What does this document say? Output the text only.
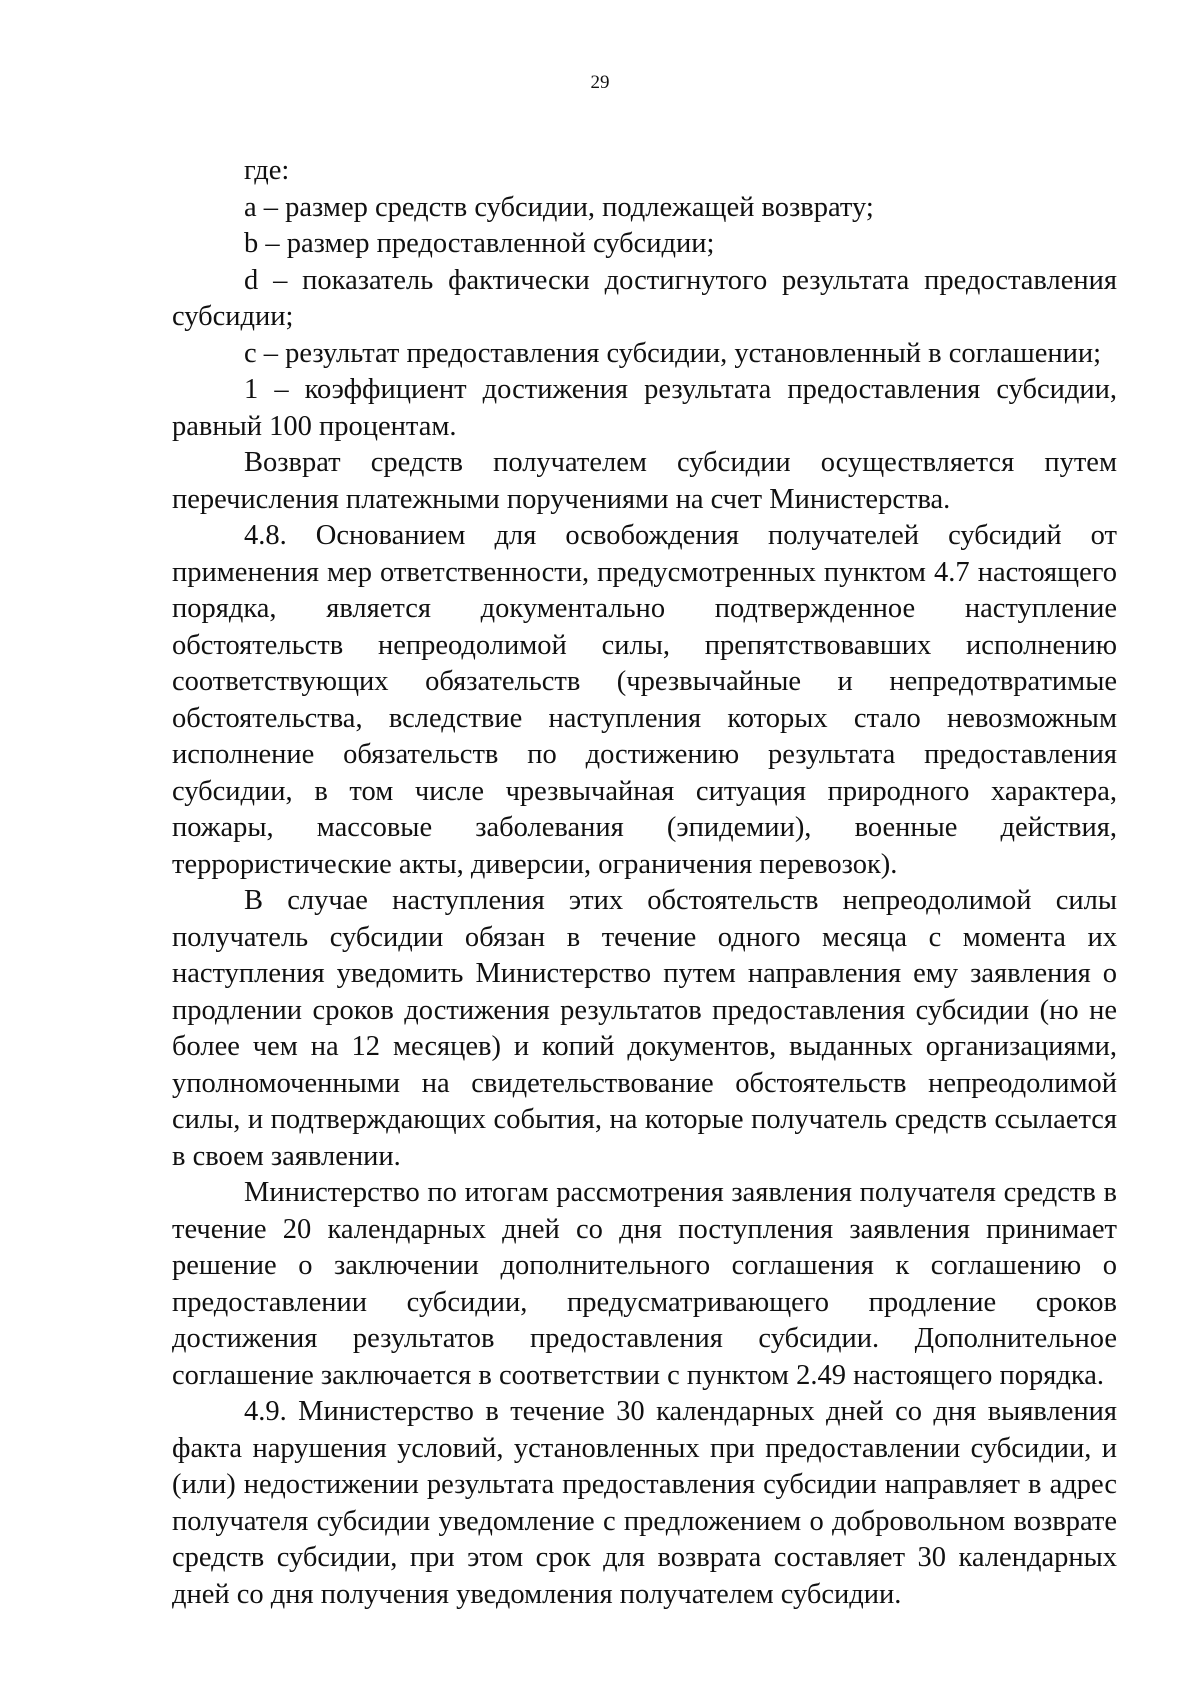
29

где:

a – размер средств субсидии, подлежащей возврату;

b – размер предоставленной субсидии;

d – показатель фактически достигнутого результата предоставления субсидии;

c – результат предоставления субсидии, установленный в соглашении;

1 – коэффициент достижения результата предоставления субсидии, равный 100 процентам.

Возврат средств получателем субсидии осуществляется путем перечисления платежными поручениями на счет Министерства.

4.8. Основанием для освобождения получателей субсидий от применения мер ответственности, предусмотренных пунктом 4.7 настоящего порядка, является документально подтвержденное наступление обстоятельств непреодолимой силы, препятствовавших исполнению соответствующих обязательств (чрезвычайные и непредотвратимые обстоятельства, вследствие наступления которых стало невозможным исполнение обязательств по достижению результата предоставления субсидии, в том числе чрезвычайная ситуация природного характера, пожары, массовые заболевания (эпидемии), военные действия, террористические акты, диверсии, ограничения перевозок).

В случае наступления этих обстоятельств непреодолимой силы получатель субсидии обязан в течение одного месяца с момента их наступления уведомить Министерство путем направления ему заявления о продлении сроков достижения результатов предоставления субсидии (но не более чем на 12 месяцев) и копий документов, выданных организациями, уполномоченными на свидетельствование обстоятельств непреодолимой силы, и подтверждающих события, на которые получатель средств ссылается в своем заявлении.

Министерство по итогам рассмотрения заявления получателя средств в течение 20 календарных дней со дня поступления заявления принимает решение о заключении дополнительного соглашения к соглашению о предоставлении субсидии, предусматривающего продление сроков достижения результатов предоставления субсидии. Дополнительное соглашение заключается в соответствии с пунктом 2.49 настоящего порядка.

4.9. Министерство в течение 30 календарных дней со дня выявления факта нарушения условий, установленных при предоставлении субсидии, и (или) недостижении результата предоставления субсидии направляет в адрес получателя субсидии уведомление с предложением о добровольном возврате средств субсидии, при этом срок для возврата составляет 30 календарных дней со дня получения уведомления получателем субсидии.
